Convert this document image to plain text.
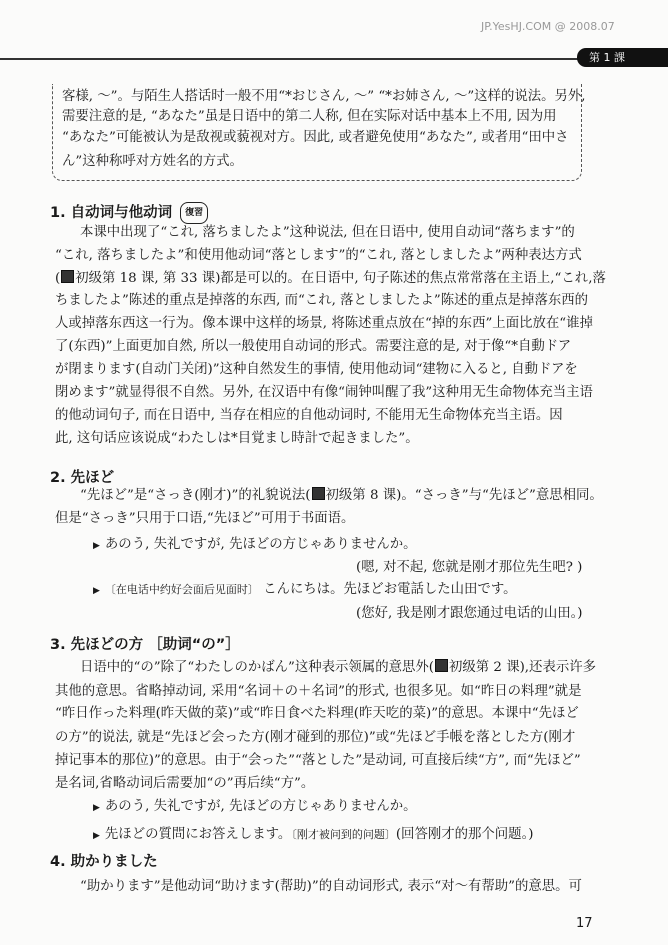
JP.YesHJ.COM @ 2008.07
第 1 課
客様, ～”。与陌生人搭话时一般不用“*おじさん, ～” “*お姉さん, ～”这样的说法。另外,
需要注意的是, “あなた”虽是日语中的第二人称, 但在实际对话中基本上不用, 因为用
“あなた”可能被认为是敌视或藐视对方。因此, 或者避免使用“あなた”, 或者用“田中さ
ん”这种称呼对方姓名的方式。
1. 自动词与他动词 復習
本课中出现了“これ, 落ちましたよ”这种说法, 但在日语中, 使用自动词“落ちます”的
“これ, 落ちましたよ”和使用他动词“落とします”的“これ, 落としましたよ”两种表达方式
( 初级第 18 课, 第 33 课)都是可以的。在日语中, 句子陈述的焦点常常落在主语上,“これ,落
ちましたよ”陈述的重点是掉落的东西, 而“これ, 落としましたよ”陈述的重点是掉落东西的
人或掉落东西这一行为。像本课中这样的场景, 将陈述重点放在“掉的东西”上面比放在“谁掉
了(东西)”上面更加自然, 所以一般使用自动词的形式。需要注意的是, 对于像“*自動ドア
が閉まります(自动门关闭)”这种自然发生的事情, 使用他动词“建物に入ると, 自動ドアを
閉めます”就显得很不自然。另外, 在汉语中有像“闹钟叫醒了我”这种用无生命物体充当主语
的他动词句子, 而在日语中, 当存在相应的自他动词时, 不能用无生命物体充当主语。因
此, 这句话应该说成“わたしは*目覚まし時計で起きました”。
2. 先ほど
“先ほど”是“さっき(刚才)”的礼貌说法( 初级第 8 课)。“さっき”与“先ほど”意思相同。
但是“さっき”只用于口语,“先ほど”可用于书面语。
▶ あのう, 失礼ですが, 先ほどの方じゃありませんか。
(嗯, 对不起, 您就是刚才那位先生吧? )
▶ 〔在电话中约好会面后见面时〕 こんにちは。先ほどお電話した山田です。
(您好, 我是刚才跟您通过电话的山田。)
3. 先ほどの方 ［助词“の”］
日语中的“の”除了“わたしのかばん”这种表示领属的意思外( 初级第 2 课),还表示许多
其他的意思。省略掉动词, 采用“名词＋の＋名词”的形式, 也很多见。如“昨日の料理”就是
“昨日作った料理(昨天做的菜)”或“昨日食べた料理(昨天吃的菜)”的意思。本课中“先ほど
の方”的说法, 就是“先ほど会った方(刚才碰到的那位)”或“先ほど手帳を落とした方(刚才
掉记事本的那位)”的意思。由于“会った”“落とした”是动词, 可直接后续“方”, 而“先ほど”
是名词,省略动词后需要加“の”再后续“方”。
▶ あのう, 失礼ですが, 先ほどの方じゃありませんか。
▶ 先ほどの質問にお答えします。〔刚才被问到的问题〕(回答刚才的那个问题。)
4. 助かりました
“助かります”是他动词“助けます(帮助)”的自动词形式, 表示“对～有帮助”的意思。可
17
